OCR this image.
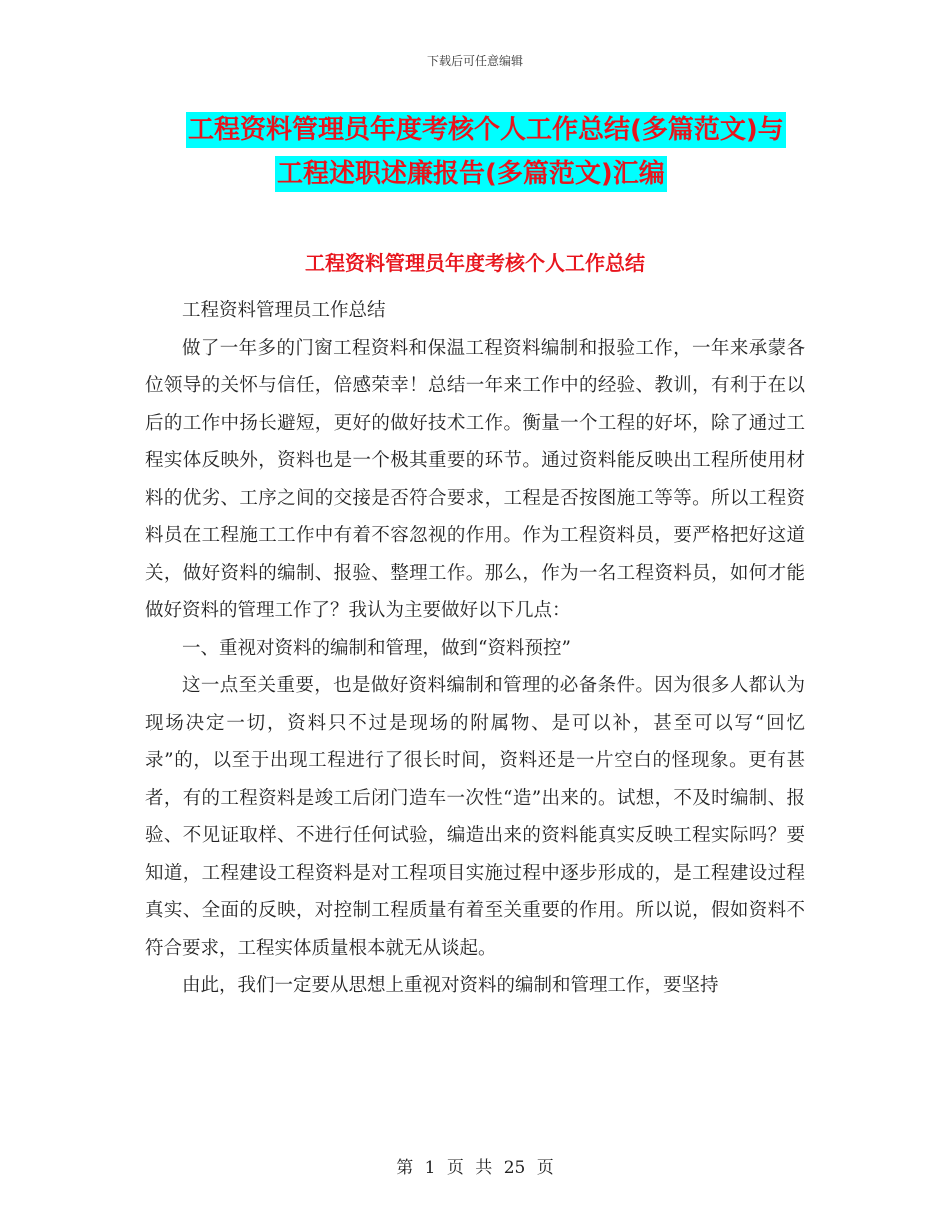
下载后可任意编辑
工程资料管理员年度考核个人工作总结(多篇范文)与
工程述职述廉报告(多篇范文)汇编
工程资料管理员年度考核个人工作总结

工程资料管理员工作总结

做了一年多的门窗工程资料和保温工程资料编制和报验工作，一年来承蒙各位领导的关怀与信任，倍感荣幸！总结一年来工作中的经验、教训，有利于在以后的工作中扬长避短，更好的做好技术工作。衡量一个工程的好坏，除了通过工程实体反映外，资料也是一个极其重要的环节。通过资料能反映出工程所使用材料的优劣、工序之间的交接是否符合要求，工程是否按图施工等等。所以工程资料员在工程施工工作中有着不容忽视的作用。作为工程资料员，要严格把好这道关，做好资料的编制、报验、整理工作。那么，作为一名工程资料员，如何才能做好资料的管理工作了？我认为主要做好以下几点：

一、重视对资料的编制和管理，做到“资料预控”

这一点至关重要，也是做好资料编制和管理的必备条件。因为很多人都认为现场决定一切，资料只不过是现场的附属物、是可以补，甚至可以写“回忆录”的，以至于出现工程进行了很长时间，资料还是一片空白的怪现象。更有甚者，有的工程资料是竣工后闭门造车一次性“造”出来的。试想，不及时编制、报验、不见证取样、不进行任何试验，编造出来的资料能真实反映工程实际吗？要知道，工程建设工程资料是对工程项目实施过程中逐步形成的，是工程建设过程真实、全面的反映，对控制工程质量有着至关重要的作用。所以说，假如资料不符合要求，工程实体质量根本就无从谈起。

由此，我们一定要从思想上重视对资料的编制和管理工作，要坚持

第 1 页 共 25 页
